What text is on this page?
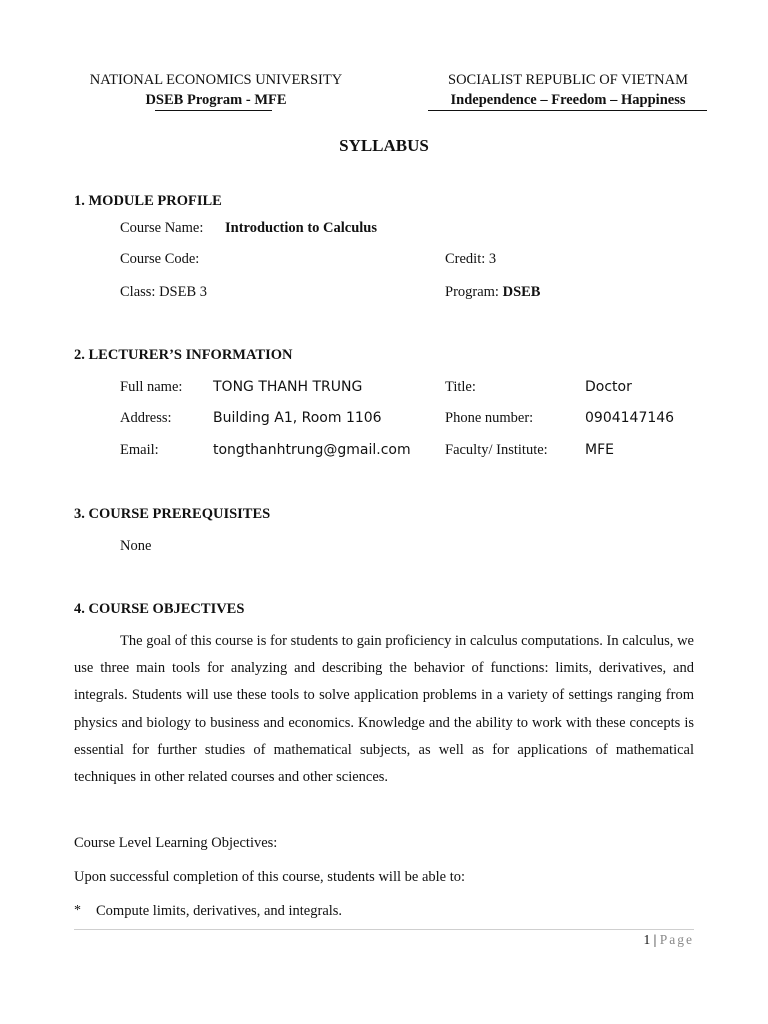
NATIONAL ECONOMICS UNIVERSITY
DSEB Program - MFE
SOCIALIST REPUBLIC OF VIETNAM
Independence – Freedom – Happiness
SYLLABUS
1. MODULE PROFILE
Course Name: Introduction to Calculus
Course Code:	Credit: 3
Class: DSEB 3	Program: DSEB
2. LECTURER’S INFORMATION
Full name: TONG THANH TRUNG	Title:	Doctor
Address:	Building A1, Room 1106	Phone number:	0904147146
Email:	tongthanhtrung@gmail.com Faculty/ Institute:	MFE
3. COURSE PREREQUISITES
None
4. COURSE OBJECTIVES
The goal of this course is for students to gain proficiency in calculus computations. In calculus, we use three main tools for analyzing and describing the behavior of functions: limits, derivatives, and integrals. Students will use these tools to solve application problems in a variety of settings ranging from physics and biology to business and economics. Knowledge and the ability to work with these concepts is essential for further studies of mathematical subjects, as well as for applications of mathematical techniques in other related courses and other sciences.
Course Level Learning Objectives:
Upon successful completion of this course, students will be able to:
* Compute limits, derivatives, and integrals.
1 | Page
